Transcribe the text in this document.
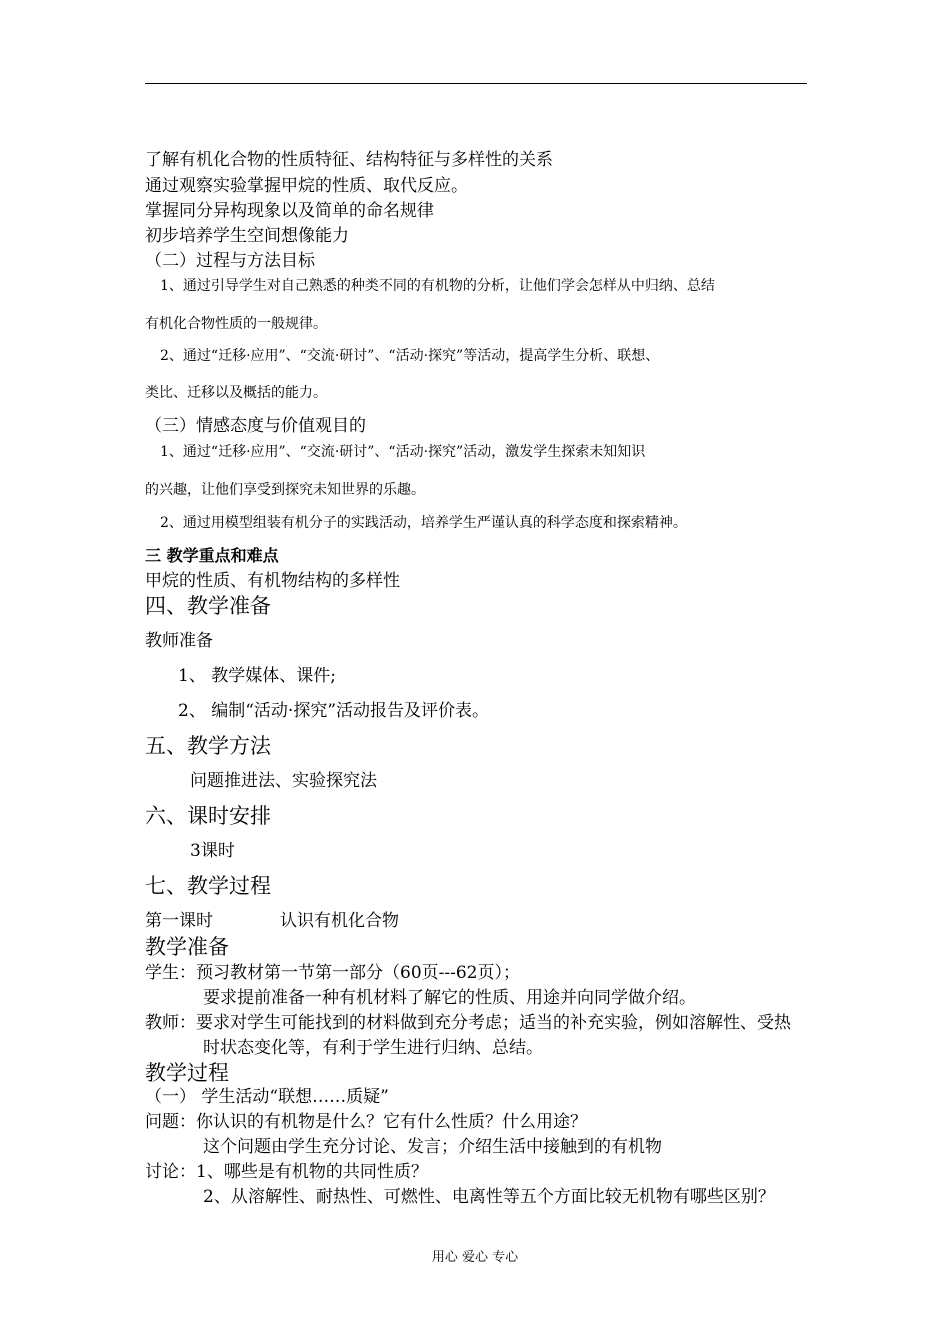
了解有机化合物的性质特征、结构特征与多样性的关系
通过观察实验掌握甲烷的性质、取代反应。
掌握同分异构现象以及简单的命名规律
初步培养学生空间想像能力
（二）过程与方法目标
1、通过引导学生对自己熟悉的种类不同的有机物的分析，让他们学会怎样从中归纳、总结
有机化合物性质的一般规律。
2、通过“迁移·应用”、“交流·研讨”、“活动·探究”等活动，提高学生分析、联想、
类比、迁移以及概括的能力。
（三）情感态度与价值观目的
1、通过“迁移·应用”、“交流·研讨”、“活动·探究”活动，激发学生探索未知知识
的兴趣，让他们享受到探究未知世界的乐趣。
2、通过用模型组装有机分子的实践活动，培养学生严谨认真的科学态度和探索精神。
三 教学重点和难点
甲烷的性质、有机物结构的多样性
四、教学准备
教师准备
1、 教学媒体、课件;
2、 编制“活动·探究”活动报告及评价表。
五、教学方法
问题推进法、实验探究法
六、课时安排
3课时
七、教学过程
第一课时	认识有机化合物
教学准备
学生：预习教材第一节第一部分（60页---62页）；
要求提前准备一种有机材料了解它的性质、用途并向同学做介绍。
教师：要求对学生可能找到的材料做到充分考虑；适当的补充实验，例如溶解性、受热
时状态变化等，有利于学生进行归纳、总结。
教学过程
（一） 学生活动“联想……质疑”
问题：你认识的有机物是什么？它有什么性质？什么用途？
这个问题由学生充分讨论、发言；介绍生活中接触到的有机物
讨论：1、哪些是有机物的共同性质？
2、从溶解性、耐热性、可燃性、电离性等五个方面比较无机物有哪些区别？
用心 爱心 专心
